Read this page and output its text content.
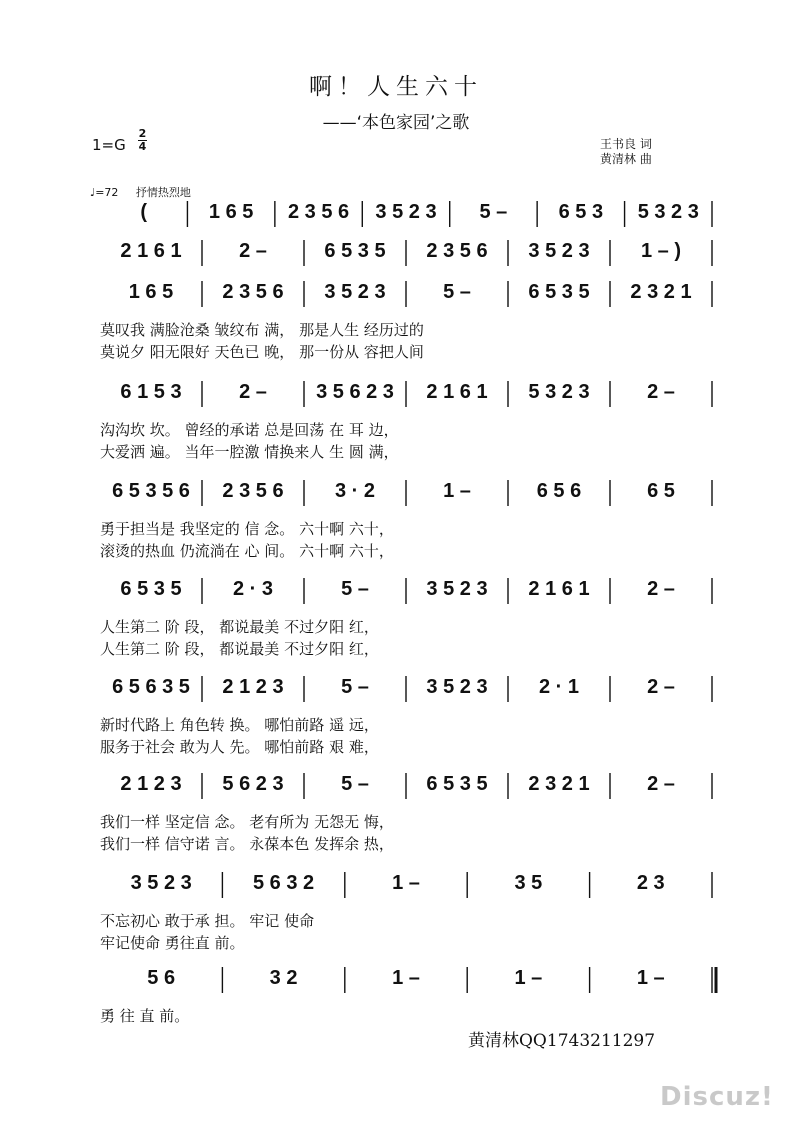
啊！人生六十
——‘本色家园’之歌
1=G
2
4	王书良 词
黄清林 曲
♩=72 抒情热烈地
(	1 6 5	2 3 5 6	3 5 2 3	5 –	6 5 3	5 3 2 3
2 1 6 1	2 –	6 5 3 5	2 3 5 6	3 5 2 3	1 – )
1 6 5	2 3 5 6	3 5 2 3	5 –	6 5 3 5	2 3 2 1
莫叹我 满脸沧桑 皱纹布 满， 那是人生 经历过的
莫说夕 阳无限好 天色已 晚， 那一份从 容把人间
6 1 5 3	2 –	3 5 6 2 3	2 1 6 1	5 3 2 3	2 –
沟沟坎 坎。 曾经的承诺 总是回荡 在 耳 边，
大爱洒 遍。 当年一腔激 情换来人 生 圆 满，
6 5 3 5 6	2 3 5 6	3 · 2	1 –	6 5 6	6 5
勇于担当是 我坚定的 信 念。 六十啊 六十，
滚烫的热血 仍流淌在 心 间。 六十啊 六十，
6 5 3 5	2 · 3	5 –	3 5 2 3	2 1 6 1	2 –
人生第二 阶 段， 都说最美 不过夕阳 红，
人生第二 阶 段， 都说最美 不过夕阳 红，
6 5 6 3 5	2 1 2 3	5 –	3 5 2 3	2 · 1	2 –
新时代路上 角色转 换。 哪怕前路 遥 远，
服务于社会 敢为人 先。 哪怕前路 艰 难，
2 1 2 3	5 6 2 3	5 –	6 5 3 5	2 3 2 1	2 –
我们一样 坚定信 念。 老有所为 无怨无 悔，
我们一样 信守诺 言。 永葆本色 发挥余 热，
3 5 2 3	5 6 3 2	1 –	3 5	2 3
不忘初心 敢于承 担。 牢记 使命
牢记使命 勇往直 前。
5 6	3 2	1 –	1 –	1 –
勇 往 直 前。
黄清林QQ1743211297
Discuz!
